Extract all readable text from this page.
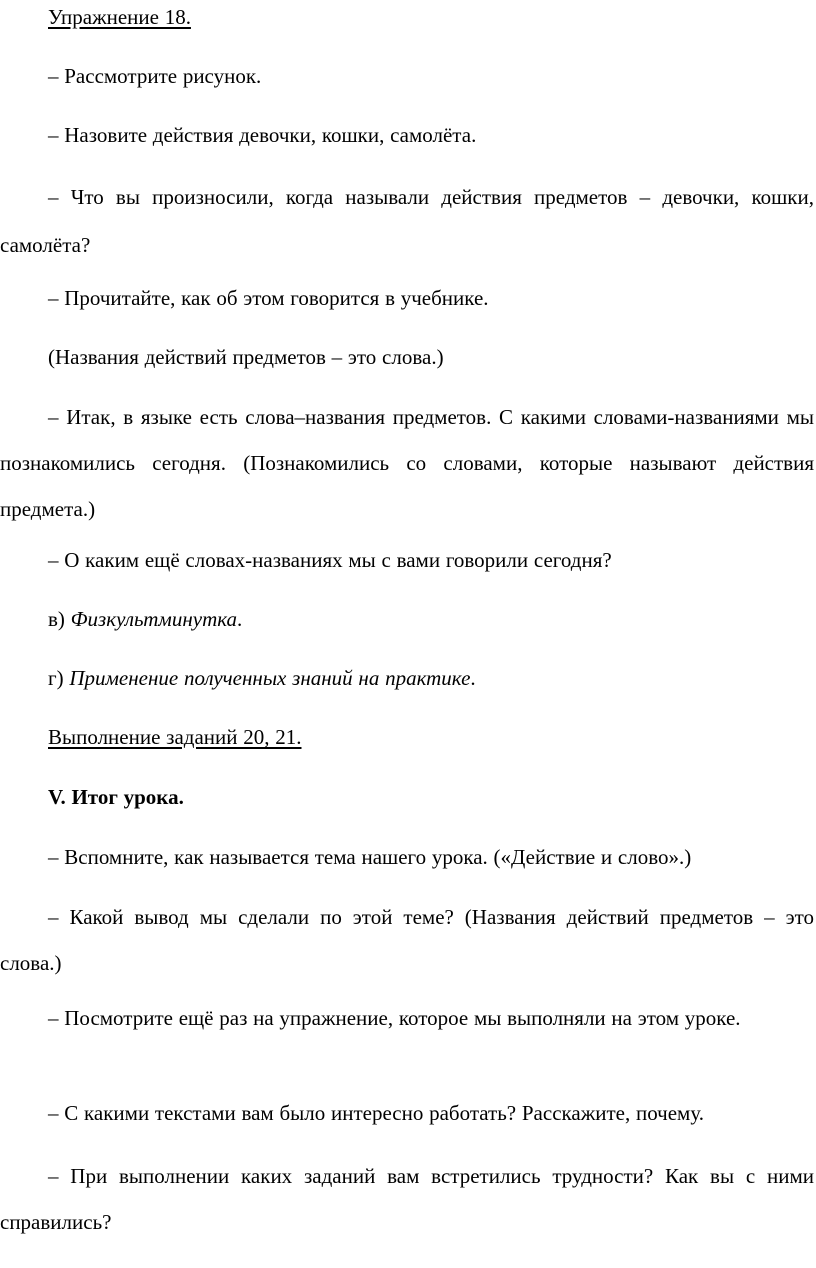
Упражнение 18.

– Рассмотрите рисунок.

– Назовите действия девочки, кошки, самолёта.

– Что вы произносили, когда называли действия предметов – девочки, кошки, самолёта?

– Прочитайте, как об этом говорится в учебнике.

(Названия действий предметов – это слова.)

– Итак, в языке есть слова–названия предметов. С какими словами-названиями мы познакомились сегодня. (Познакомились со словами, которые называют действия предмета.)

– О каким ещё словах-названиях мы с вами говорили сегодня?

в) Физкультминутка.

г) Применение полученных знаний на практике.

Выполнение заданий 20, 21.

V. Итог урока.

– Вспомните, как называется тема нашего урока. («Действие и слово».)

– Какой вывод мы сделали по этой теме? (Названия действий предметов – это слова.)

– Посмотрите ещё раз на упражнение, которое мы выполняли на этом уроке.

– С какими текстами вам было интересно работать? Расскажите, почему.

– При выполнении каких заданий вам встретились трудности? Как вы с ними справились?
